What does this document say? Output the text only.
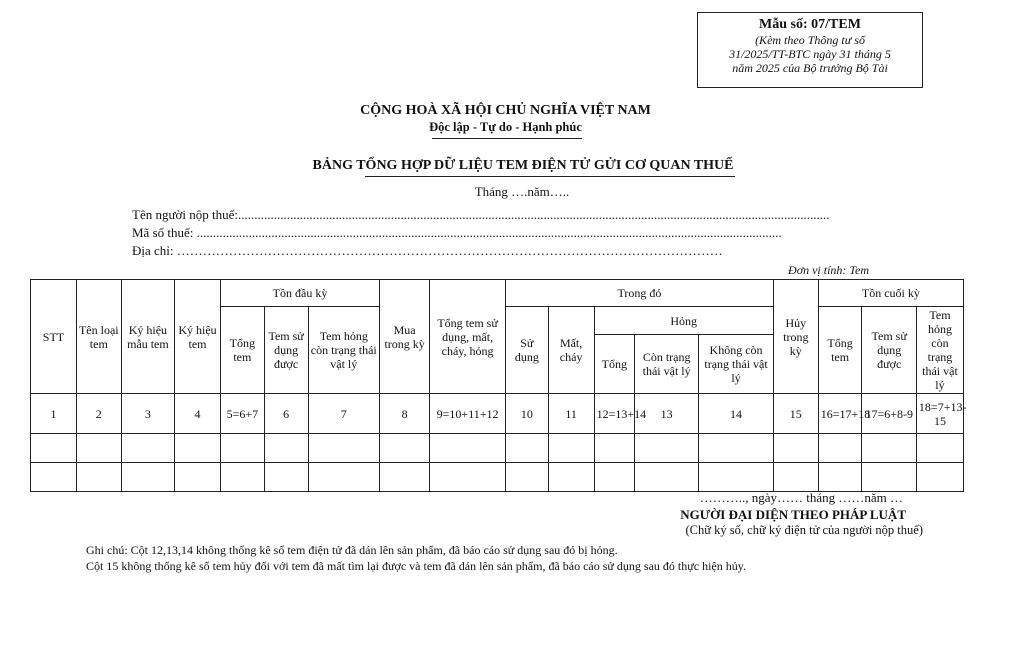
Mẫu số: 07/TEM
(Kèm theo Thông tư số
31/2025/TT-BTC ngày 31 tháng 5
năm 2025 của Bộ trưởng Bộ Tài
CỘNG HOÀ XÃ HỘI CHỦ NGHĨA VIỆT NAM
Độc lập - Tự do - Hạnh phúc
BẢNG TỔNG HỢP DỮ LIỆU TEM ĐIỆN TỬ GỬI CƠ QUAN THUẾ
Tháng ….năm…..
Tên người nộp thuế:......................................................................................................................................................................................
Mã số thuế: ....................................................................................................................................................................................
Địa chỉ: ………………………………………………………………………………………………………………
Đơn vị tính: Tem
STT	Tên loại tem	Ký hiệu mẫu tem	Ký hiệu tem	Tồn đầu kỳ			Mua trong kỳ	Tổng tem sử dụng, mất, cháy, hỏng	Trong đó					Hủy trong kỳ	Tồn cuối kỳ		
				Tổng tem	Tem sử dụng được	Tem hỏng còn trạng thái vật lý			Sử dụng	Mất, cháy	Hỏng				Tổng tem	Tem sử dụng được	Tem hỏng còn trạng thái vật lý
											Tổng	Còn trạng thái vật lý	Không còn trạng thái vật lý				
1	2	3	4	5=6+7	6	7	8	9=10+11+12	10	11	12=13+14	13	14	15	16=17+18	17=6+8-9	18=7+13-15

……….., ngày…… tháng ……năm …
NGƯỜI ĐẠI DIỆN THEO PHÁP LUẬT
(Chữ ký số, chữ ký điện tử của người nộp thuế)
Ghi chú: Cột 12,13,14 không thống kê số tem điện tử đã dán lên sản phẩm, đã báo cáo sử dụng sau đó bị hỏng.
Cột 15 không thống kê số tem hủy đối với tem đã mất tìm lại được và tem đã dán lên sản phẩm, đã báo cáo sử dụng sau đó thực hiện hủy.
